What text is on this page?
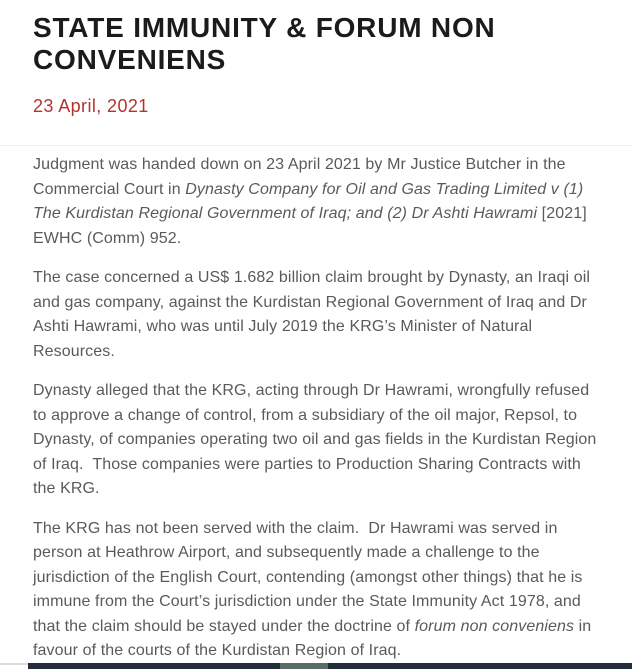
STATE IMMUNITY & FORUM NON CONVENIENS
23 April, 2021

Judgment was handed down on 23 April 2021 by Mr Justice Butcher in the Commercial Court in Dynasty Company for Oil and Gas Trading Limited v (1) The Kurdistan Regional Government of Iraq; and (2) Dr Ashti Hawrami [2021] EWHC (Comm) 952.

The case concerned a US$ 1.682 billion claim brought by Dynasty, an Iraqi oil and gas company, against the Kurdistan Regional Government of Iraq and Dr Ashti Hawrami, who was until July 2019 the KRG’s Minister of Natural Resources.

Dynasty alleged that the KRG, acting through Dr Hawrami, wrongfully refused to approve a change of control, from a subsidiary of the oil major, Repsol, to Dynasty, of companies operating two oil and gas fields in the Kurdistan Region of Iraq.  Those companies were parties to Production Sharing Contracts with the KRG.

The KRG has not been served with the claim.  Dr Hawrami was served in person at Heathrow Airport, and subsequently made a challenge to the jurisdiction of the English Court, contending (amongst other things) that he is immune from the Court’s jurisdiction under the State Immunity Act 1978, and that the claim should be stayed under the doctrine of forum non conveniens in favour of the courts of the Kurdistan Region of Iraq.
